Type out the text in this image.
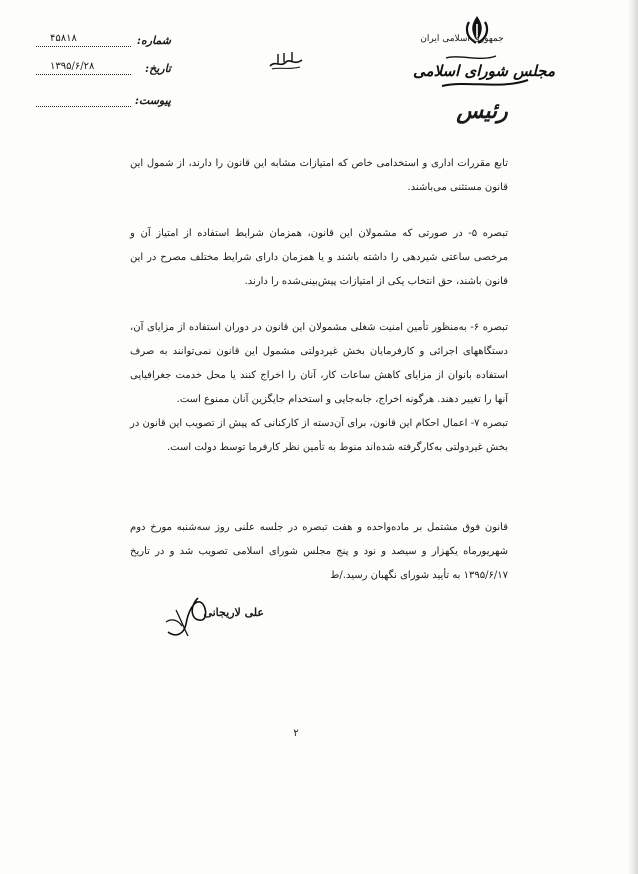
جمهوری اسلامی ایران
مجلس شورای اسلامی
رئیس
شماره:
۴۵۸۱۸
تاریخ:
۱۳۹۵/۶/۲۸
پیوست:

تابع مقررات اداری و استخدامی خاص که امتیازات مشابه این قانون را دارند، از شمول این قانون مستثنی می‌باشند.

تبصره ۵- در صورتی که مشمولان این قانون، همزمان شرایط استفاده از امتیاز آن و مرخصی ساعتی شیردهی را داشته باشند و یا همزمان دارای شرایط مختلف مصرح در این قانون باشند، حق انتخاب یکی از امتیازات پیش‌بینی‌شده را دارند.

تبصره ۶- به‌منظور تأمین امنیت شغلی مشمولان این قانون در دوران استفاده از مزایای آن، دستگاههای اجرائی و کارفرمایان بخش غیردولتی مشمول این قانون نمی‌توانند به صرف استفاده بانوان از مزایای کاهش ساعات کار، آنان را اخراج کنند یا محل خدمت جغرافیایی آنها را تغییر دهند. هرگونه اخراج، جابه‌جایی و استخدام جایگزین آنان ممنوع است.

تبصره ۷- اعمال احکام این قانون، برای آن‌دسته از کارکنانی که پیش از تصویب این قانون در بخش غیردولتی به‌کارگرفته شده‌اند منوط به تأمین نظر کارفرما توسط دولت است.

قانون فوق مشتمل بر ماده‌واحده و هفت تبصره در جلسه علنی روز سه‌شنبه مورخ دوم شهریورماه یکهزار و سیصد و نود و پنج مجلس شورای اسلامی تصویب شد و در تاریخ ۱۳۹۵/۶/۱۷ به تأیید شورای نگهبان رسید./ط

علی لاریجانی
۲
